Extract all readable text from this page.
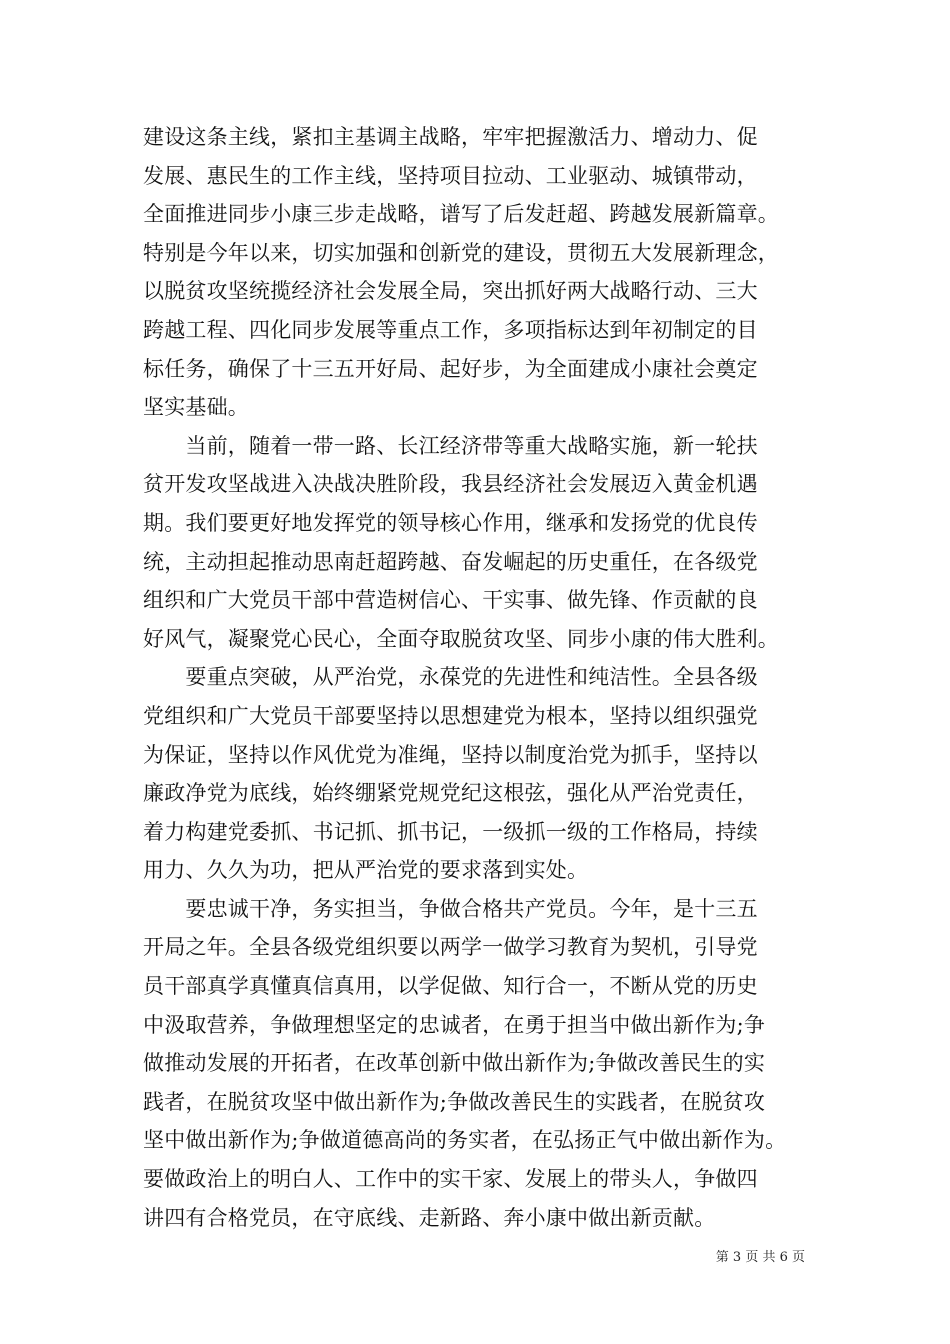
建设这条主线，紧扣主基调主战略，牢牢把握激活力、增动力、促
发展、惠民生的工作主线，坚持项目拉动、工业驱动、城镇带动，
全面推进同步小康三步走战略，谱写了后发赶超、跨越发展新篇章。
特别是今年以来，切实加强和创新党的建设，贯彻五大发展新理念，
以脱贫攻坚统揽经济社会发展全局，突出抓好两大战略行动、三大
跨越工程、四化同步发展等重点工作，多项指标达到年初制定的目
标任务，确保了十三五开好局、起好步，为全面建成小康社会奠定
坚实基础。
　　当前，随着一带一路、长江经济带等重大战略实施，新一轮扶
贫开发攻坚战进入决战决胜阶段，我县经济社会发展迈入黄金机遇
期。我们要更好地发挥党的领导核心作用，继承和发扬党的优良传
统，主动担起推动思南赶超跨越、奋发崛起的历史重任，在各级党
组织和广大党员干部中营造树信心、干实事、做先锋、作贡献的良
好风气，凝聚党心民心，全面夺取脱贫攻坚、同步小康的伟大胜利。
　　要重点突破，从严治党，永葆党的先进性和纯洁性。全县各级
党组织和广大党员干部要坚持以思想建党为根本，坚持以组织强党
为保证，坚持以作风优党为准绳，坚持以制度治党为抓手，坚持以
廉政净党为底线，始终绷紧党规党纪这根弦，强化从严治党责任，
着力构建党委抓、书记抓、抓书记，一级抓一级的工作格局，持续
用力、久久为功，把从严治党的要求落到实处。
　　要忠诚干净，务实担当，争做合格共产党员。今年，是十三五
开局之年。全县各级党组织要以两学一做学习教育为契机，引导党
员干部真学真懂真信真用，以学促做、知行合一，不断从党的历史
中汲取营养，争做理想坚定的忠诚者，在勇于担当中做出新作为;争
做推动发展的开拓者，在改革创新中做出新作为;争做改善民生的实
践者，在脱贫攻坚中做出新作为;争做改善民生的实践者，在脱贫攻
坚中做出新作为;争做道德高尚的务实者，在弘扬正气中做出新作为。
要做政治上的明白人、工作中的实干家、发展上的带头人，争做四
讲四有合格党员，在守底线、走新路、奔小康中做出新贡献。
第 3 页 共 6 页
